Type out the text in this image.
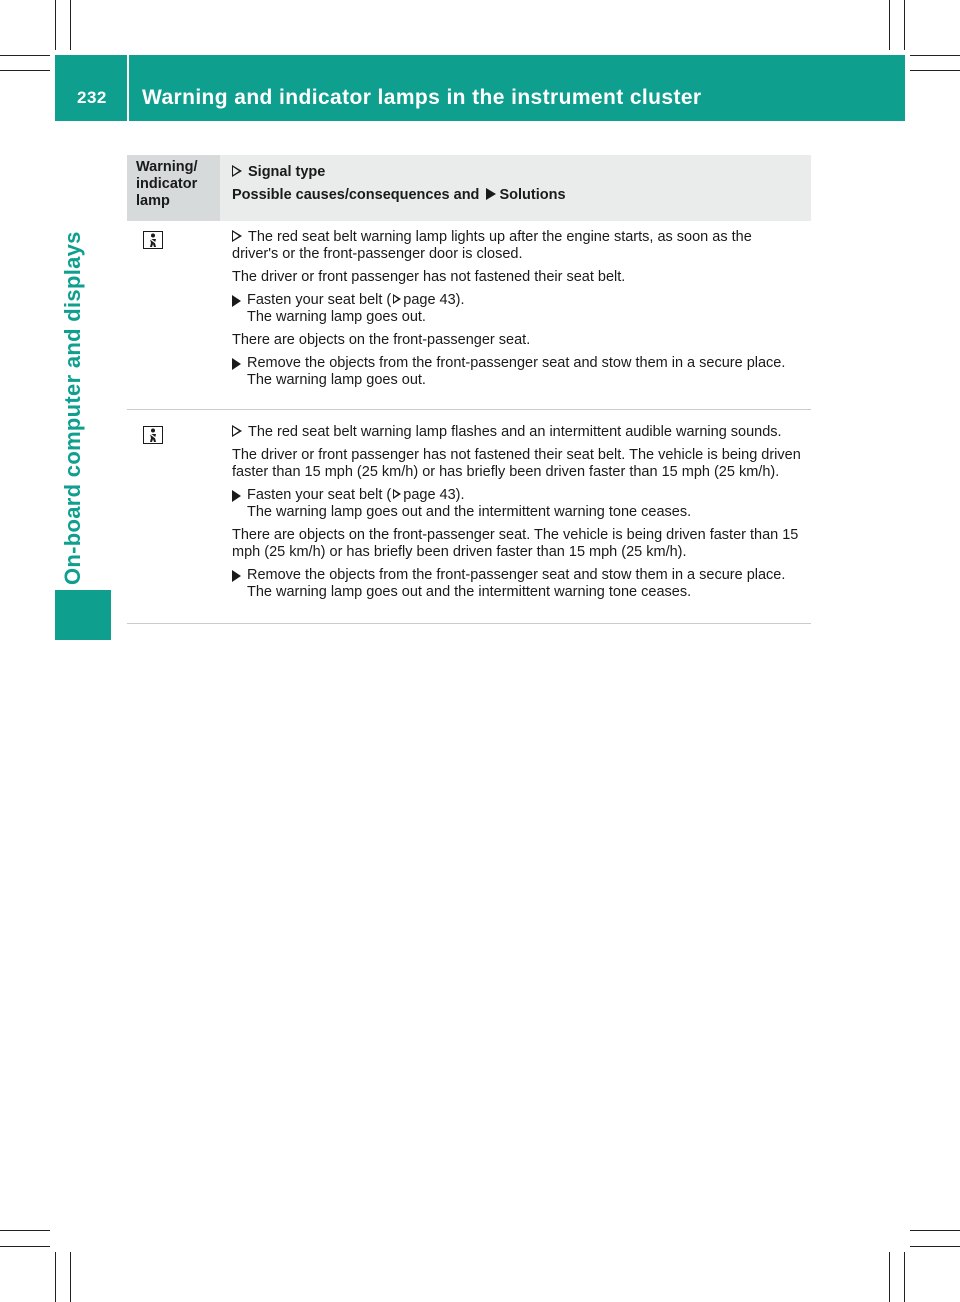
232 Warning and indicator lamps in the instrument cluster
On-board computer and displays
Warning/ indicator lamp
Signal type
Possible causes/consequences and Solutions

The red seat belt warning lamp lights up after the engine starts, as soon as the driver's or the front-passenger door is closed.

The driver or front passenger has not fastened their seat belt.

Fasten your seat belt ( page 43).
The warning lamp goes out.

There are objects on the front-passenger seat.

Remove the objects from the front-passenger seat and stow them in a secure place.
The warning lamp goes out.

The red seat belt warning lamp flashes and an intermittent audible warning sounds.

The driver or front passenger has not fastened their seat belt. The vehicle is being driven faster than 15 mph (25 km/h) or has briefly been driven faster than 15 mph (25 km/h).

Fasten your seat belt ( page 43).
The warning lamp goes out and the intermittent warning tone ceases.

There are objects on the front-passenger seat. The vehicle is being driven faster than 15 mph (25 km/h) or has briefly been driven faster than 15 mph (25 km/h).

Remove the objects from the front-passenger seat and stow them in a secure place.
The warning lamp goes out and the intermittent warning tone ceases.
